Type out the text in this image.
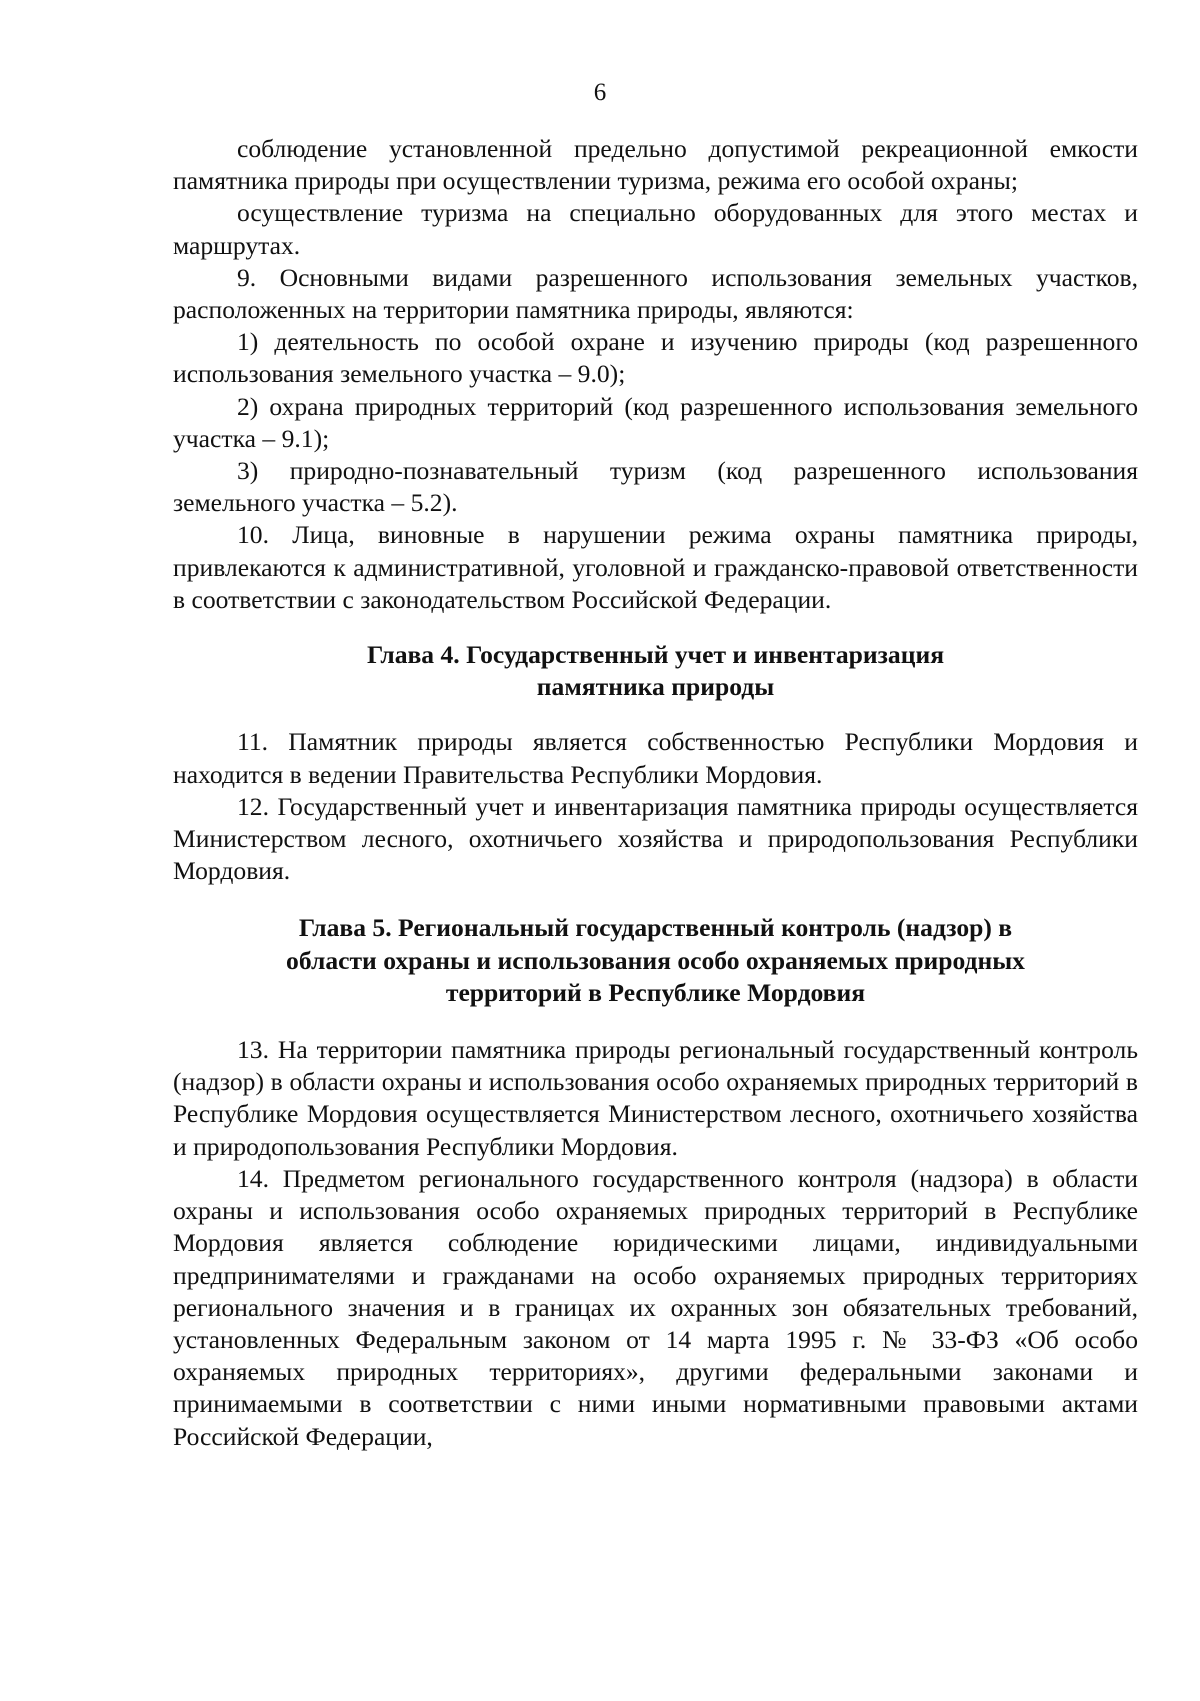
6

соблюдение установленной предельно допустимой рекреационной емкости памятника природы при осуществлении туризма, режима его особой охраны;

осуществление туризма на специально оборудованных для этого местах и маршрутах.

9. Основными видами разрешенного использования земельных участков, расположенных на территории памятника природы, являются:

1) деятельность по особой охране и изучению природы (код разрешенного использования земельного участка – 9.0);

2) охрана природных территорий (код разрешенного использования земельного участка – 9.1);

3) природно-познавательный туризм (код разрешенного использования земельного участка – 5.2).

10. Лица, виновные в нарушении режима охраны памятника природы, привлекаются к административной, уголовной и гражданско-правовой ответственности в соответствии с законодательством Российской Федерации.

Глава 4. Государственный учет и инвентаризация
памятника природы

11. Памятник природы является собственностью Республики Мордовия и находится в ведении Правительства Республики Мордовия.

12. Государственный учет и инвентаризация памятника природы осуществляется Министерством лесного, охотничьего хозяйства и природопользования Республики Мордовия.

Глава 5. Региональный государственный контроль (надзор) в
области охраны и использования особо охраняемых природных
территорий в Республике Мордовия

13. На территории памятника природы региональный государственный контроль (надзор) в области охраны и использования особо охраняемых природных территорий в Республике Мордовия осуществляется Министерством лесного, охотничьего хозяйства и природопользования Республики Мордовия.

14. Предметом регионального государственного контроля (надзора) в области охраны и использования особо охраняемых природных территорий в Республике Мордовия является соблюдение юридическими лицами, индивидуальными предпринимателями и гражданами на особо охраняемых природных территориях регионального значения и в границах их охранных зон обязательных требований, установленных Федеральным законом от 14 марта 1995 г. № 33-ФЗ «Об особо охраняемых природных территориях», другими федеральными законами и принимаемыми в соответствии с ними иными нормативными правовыми актами Российской Федерации,
